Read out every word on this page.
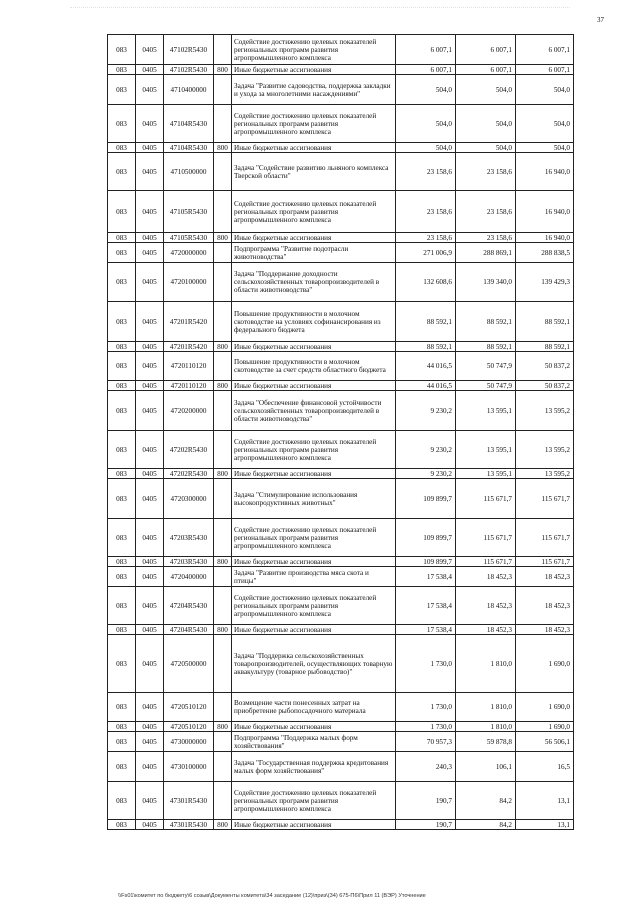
37
083	0405	47102R5430		Содействие достижению целевых показателей региональных программ развития агропромышленного комплекса	6 007,1	6 007,1	6 007,1
083	0405	47102R5430	800	Иные бюджетные ассигнования	6 007,1	6 007,1	6 007,1
083	0405	4710400000		Задача "Развитие садоводства, поддержка закладки и ухода за многолетними насаждениями"	504,0	504,0	504,0
083	0405	47104R5430		Содействие достижению целевых показателей региональных программ развития агропромышленного комплекса	504,0	504,0	504,0
083	0405	47104R5430	800	Иные бюджетные ассигнования	504,0	504,0	504,0
083	0405	4710500000		Задача "Содействие развитию льняного комплекса Тверской области"	23 158,6	23 158,6	16 940,0
083	0405	47105R5430		Содействие достижению целевых показателей региональных программ развития агропромышленного комплекса	23 158,6	23 158,6	16 940,0
083	0405	47105R5430	800	Иные бюджетные ассигнования	23 158,6	23 158,6	16 940,0
083	0405	4720000000		Подпрограмма "Развитие подотрасли животноводства"	271 006,9	288 869,1	288 838,5
083	0405	4720100000		Задача "Поддержание доходности сельскохозяйственных товаропроизводителей в области животноводства"	132 608,6	139 340,0	139 429,3
083	0405	47201R5420		Повышение продуктивности в молочном скотоводстве на условиях софинансирования из федерального бюджета	88 592,1	88 592,1	88 592,1
083	0405	47201R5420	800	Иные бюджетные ассигнования	88 592,1	88 592,1	88 592,1
083	0405	4720110120		Повышение продуктивности в молочном скотоводстве за счет средств областного бюджета	44 016,5	50 747,9	50 837,2
083	0405	4720110120	800	Иные бюджетные ассигнования	44 016,5	50 747,9	50 837,2
083	0405	4720200000		Задача "Обеспечение финансовой устойчивости сельскохозяйственных товаропроизводителей в области животноводства"	9 230,2	13 595,1	13 595,2
083	0405	47202R5430		Содействие достижению целевых показателей региональных программ развития агропромышленного комплекса	9 230,2	13 595,1	13 595,2
083	0405	47202R5430	800	Иные бюджетные ассигнования	9 230,2	13 595,1	13 595,2
083	0405	4720300000		Задача "Стимулирование использования высокопродуктивных животных"	109 899,7	115 671,7	115 671,7
083	0405	47203R5430		Содействие достижению целевых показателей региональных программ развития агропромышленного комплекса	109 899,7	115 671,7	115 671,7
083	0405	47203R5430	800	Иные бюджетные ассигнования	109 899,7	115 671,7	115 671,7
083	0405	4720400000		Задача "Развитие производства мяса скота и птицы"	17 538,4	18 452,3	18 452,3
083	0405	47204R5430		Содействие достижению целевых показателей региональных программ развития агропромышленного комплекса	17 538,4	18 452,3	18 452,3
083	0405	47204R5430	800	Иные бюджетные ассигнования	17 538,4	18 452,3	18 452,3
083	0405	4720500000		Задача "Поддержка сельскохозяйственных товаропроизводителей, осуществляющих товарную аквакультуру (товарное рыбоводство)"	1 730,0	1 810,0	1 690,0
083	0405	4720510120		Возмещение части понесенных затрат на приобретение рыбопосадочного материала	1 730,0	1 810,0	1 690,0
083	0405	4720510120	800	Иные бюджетные ассигнования	1 730,0	1 810,0	1 690,0
083	0405	4730000000		Подпрограмма "Поддержка малых форм хозяйствования"	70 957,3	59 878,8	56 506,1
083	0405	4730100000		Задача "Государственная поддержка кредитования малых форм хозяйствования"	240,3	106,1	16,5
083	0405	47301R5430		Содействие достижению целевых показателей региональных программ развития агропромышленного комплекса	190,7	84,2	13,1
083	0405	47301R5430	800	Иные бюджетные ассигнования	190,7	84,2	13,1
\\Fs01\комитет по бюджету\6 созыв\Документы комитета\34 заседание (12)\приз\(34) 675-П6\Прил 11 (ВЭР) Уточнение
